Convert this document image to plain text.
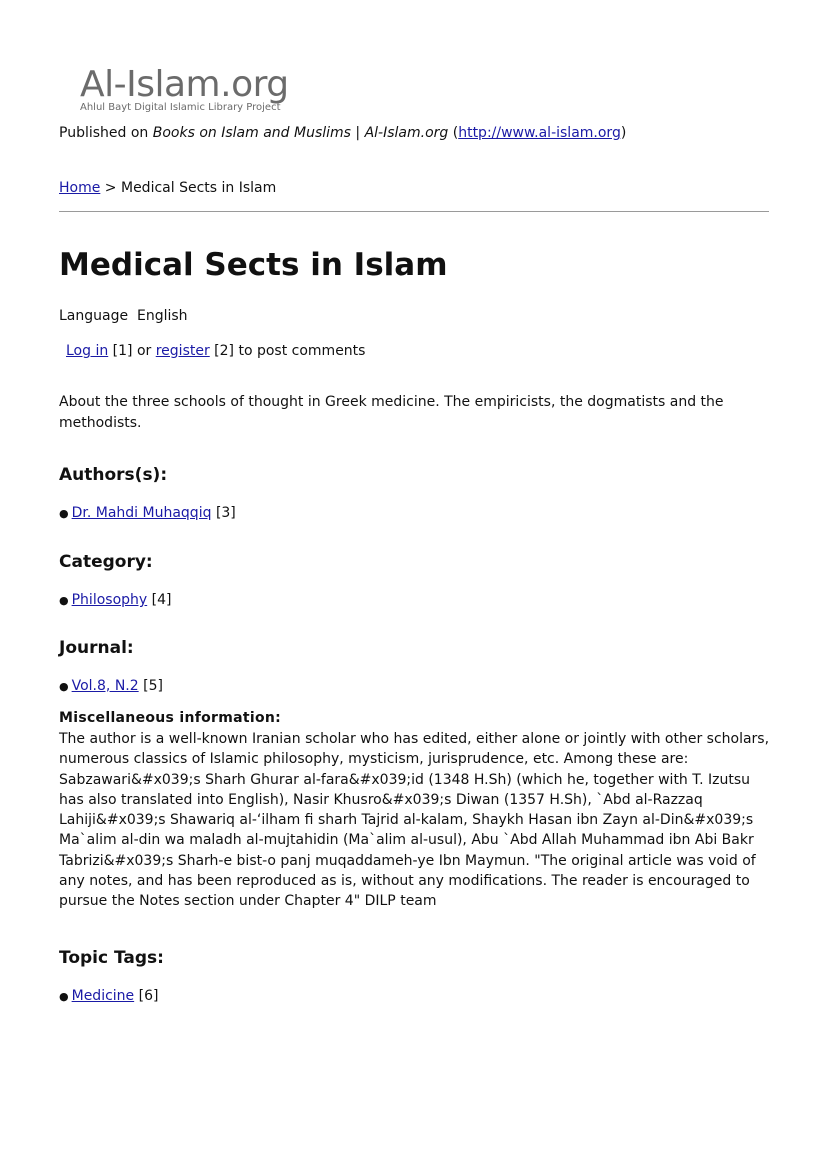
Al-Islam.org
Ahlul Bayt Digital Islamic Library Project
Published on Books on Islam and Muslims | Al-Islam.org (http://www.al-islam.org)
Home > Medical Sects in Islam
Medical Sects in Islam
Language English
Log in [1] or register [2] to post comments
About the three schools of thought in Greek medicine. The empiricists, the dogmatists and the methodists.
Authors(s):
● Dr. Mahdi Muhaqqiq [3]
Category:
● Philosophy [4]
Journal:
● Vol.8, N.2 [5]
Miscellaneous information:
The author is a well-known Iranian scholar who has edited, either alone or jointly with other scholars, numerous classics of Islamic philosophy, mysticism, jurisprudence, etc. Among these are: Sabzawari&#x039;s Sharh Ghurar al-fara&#x039;id (1348 H.Sh) (which he, together with T. Izutsu has also translated into English), Nasir Khusro&#x039;s Diwan (1357 H.Sh), `Abd al-Razzaq Lahiji&#x039;s Shawariq al-‘ilham fi sharh Tajrid al-kalam, Shaykh Hasan ibn Zayn al-Din&#x039;s Ma`alim al-din wa maladh al-mujtahidin (Ma`alim al-usul), Abu `Abd Allah Muhammad ibn Abi Bakr Tabrizi&#x039;s Sharh-e bist-o panj muqaddameh-ye Ibn Maymun. "The original article was void of any notes, and has been reproduced as is, without any modifications. The reader is encouraged to pursue the Notes section under Chapter 4" DILP team
Topic Tags:
● Medicine [6]
